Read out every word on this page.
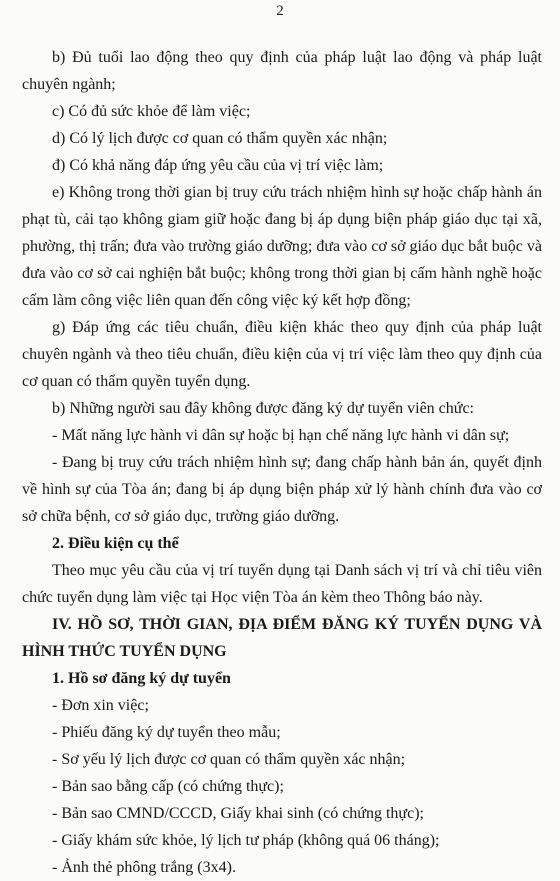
2

b) Đủ tuổi lao động theo quy định của pháp luật lao động và pháp luật chuyên ngành;

c) Có đủ sức khỏe để làm việc;

d) Có lý lịch được cơ quan có thẩm quyền xác nhận;

đ) Có khả năng đáp ứng yêu cầu của vị trí việc làm;

e) Không trong thời gian bị truy cứu trách nhiệm hình sự hoặc chấp hành án phạt tù, cải tạo không giam giữ hoặc đang bị áp dụng biện pháp giáo dục tại xã, phường, thị trấn; đưa vào trường giáo dưỡng; đưa vào cơ sở giáo dục bắt buộc và đưa vào cơ sở cai nghiện bắt buộc; không trong thời gian bị cấm hành nghề hoặc cấm làm công việc liên quan đến công việc ký kết hợp đồng;

g) Đáp ứng các tiêu chuẩn, điều kiện khác theo quy định của pháp luật chuyên ngành và theo tiêu chuẩn, điều kiện của vị trí việc làm theo quy định của cơ quan có thẩm quyền tuyển dụng.

b) Những người sau đây không được đăng ký dự tuyển viên chức:

- Mất năng lực hành vi dân sự hoặc bị hạn chế năng lực hành vi dân sự;

- Đang bị truy cứu trách nhiệm hình sự; đang chấp hành bản án, quyết định về hình sự của Tòa án; đang bị áp dụng biện pháp xử lý hành chính đưa vào cơ sở chữa bệnh, cơ sở giáo dục, trường giáo dưỡng.

2. Điều kiện cụ thể

Theo mục yêu cầu của vị trí tuyển dụng tại Danh sách vị trí và chỉ tiêu viên chức tuyển dụng làm việc tại Học viện Tòa án kèm theo Thông báo này.

IV. HỒ SƠ, THỜI GIAN, ĐỊA ĐIỂM ĐĂNG KÝ TUYỂN DỤNG VÀ HÌNH THỨC TUYỂN DỤNG

1. Hồ sơ đăng ký dự tuyển

- Đơn xin việc;

- Phiếu đăng ký dự tuyển theo mẫu;

- Sơ yếu lý lịch được cơ quan có thẩm quyền xác nhận;

- Bản sao bằng cấp (có chứng thực);

- Bản sao CMND/CCCD, Giấy khai sinh (có chứng thực);

- Giấy khám sức khỏe, lý lịch tư pháp (không quá 06 tháng);

- Ảnh thẻ phông trắng (3x4).
